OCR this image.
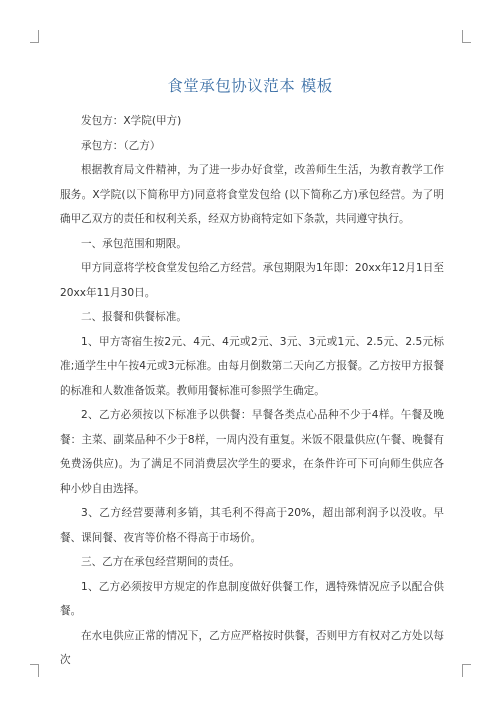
食堂承包协议范本 模板

发包方：X学院(甲方)

承包方：（乙方）

根据教育局文件精神，为了进一步办好食堂，改善师生生活，为教育教学工作服务。X学院(以下简称甲方)同意将食堂发包给 (以下简称乙方)承包经营。为了明确甲乙双方的责任和权利关系，经双方协商特定如下条款，共同遵守执行。

一、承包范围和期限。

甲方同意将学校食堂发包给乙方经营。承包期限为1年即：20xx年12月1日至20xx年11月30日。

二、报餐和供餐标准。

1、甲方寄宿生按2元、4元、4元或2元、3元、3元或1元、2.5元、2.5元标准;通学生中午按4元或3元标准。由每月倒数第二天向乙方报餐。乙方按甲方报餐的标准和人数准备饭菜。教师用餐标准可参照学生确定。

2、乙方必须按以下标准予以供餐：早餐各类点心品种不少于4样。午餐及晚餐：主菜、副菜品种不少于8样，一周内没有重复。米饭不限量供应(午餐、晚餐有免费汤供应)。为了满足不同消费层次学生的要求，在条件许可下可向师生供应各种小炒自由选择。

3、乙方经营要薄利多销，其毛利不得高于20%，超出部利润予以没收。早餐、课间餐、夜宵等价格不得高于市场价。

三、乙方在承包经营期间的责任。

1、乙方必须按甲方规定的作息制度做好供餐工作，遇特殊情况应予以配合供餐。

在水电供应正常的情况下，乙方应严格按时供餐，否则甲方有权对乙方处以每次
